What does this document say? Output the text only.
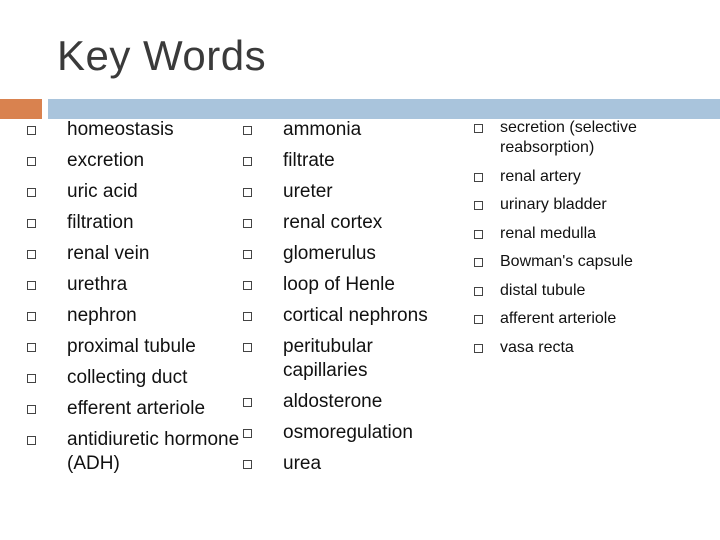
Key Words
homeostasis
excretion
uric acid
filtration
renal vein
urethra
nephron
proximal tubule
collecting duct
efferent arteriole
antidiuretic hormone (ADH)
ammonia
filtrate
ureter
renal cortex
glomerulus
loop of Henle
cortical nephrons
peritubular capillaries
aldosterone
osmoregulation
urea
secretion (selective reabsorption)
renal artery
urinary bladder
renal medulla
Bowman's capsule
distal tubule
afferent arteriole
vasa recta
